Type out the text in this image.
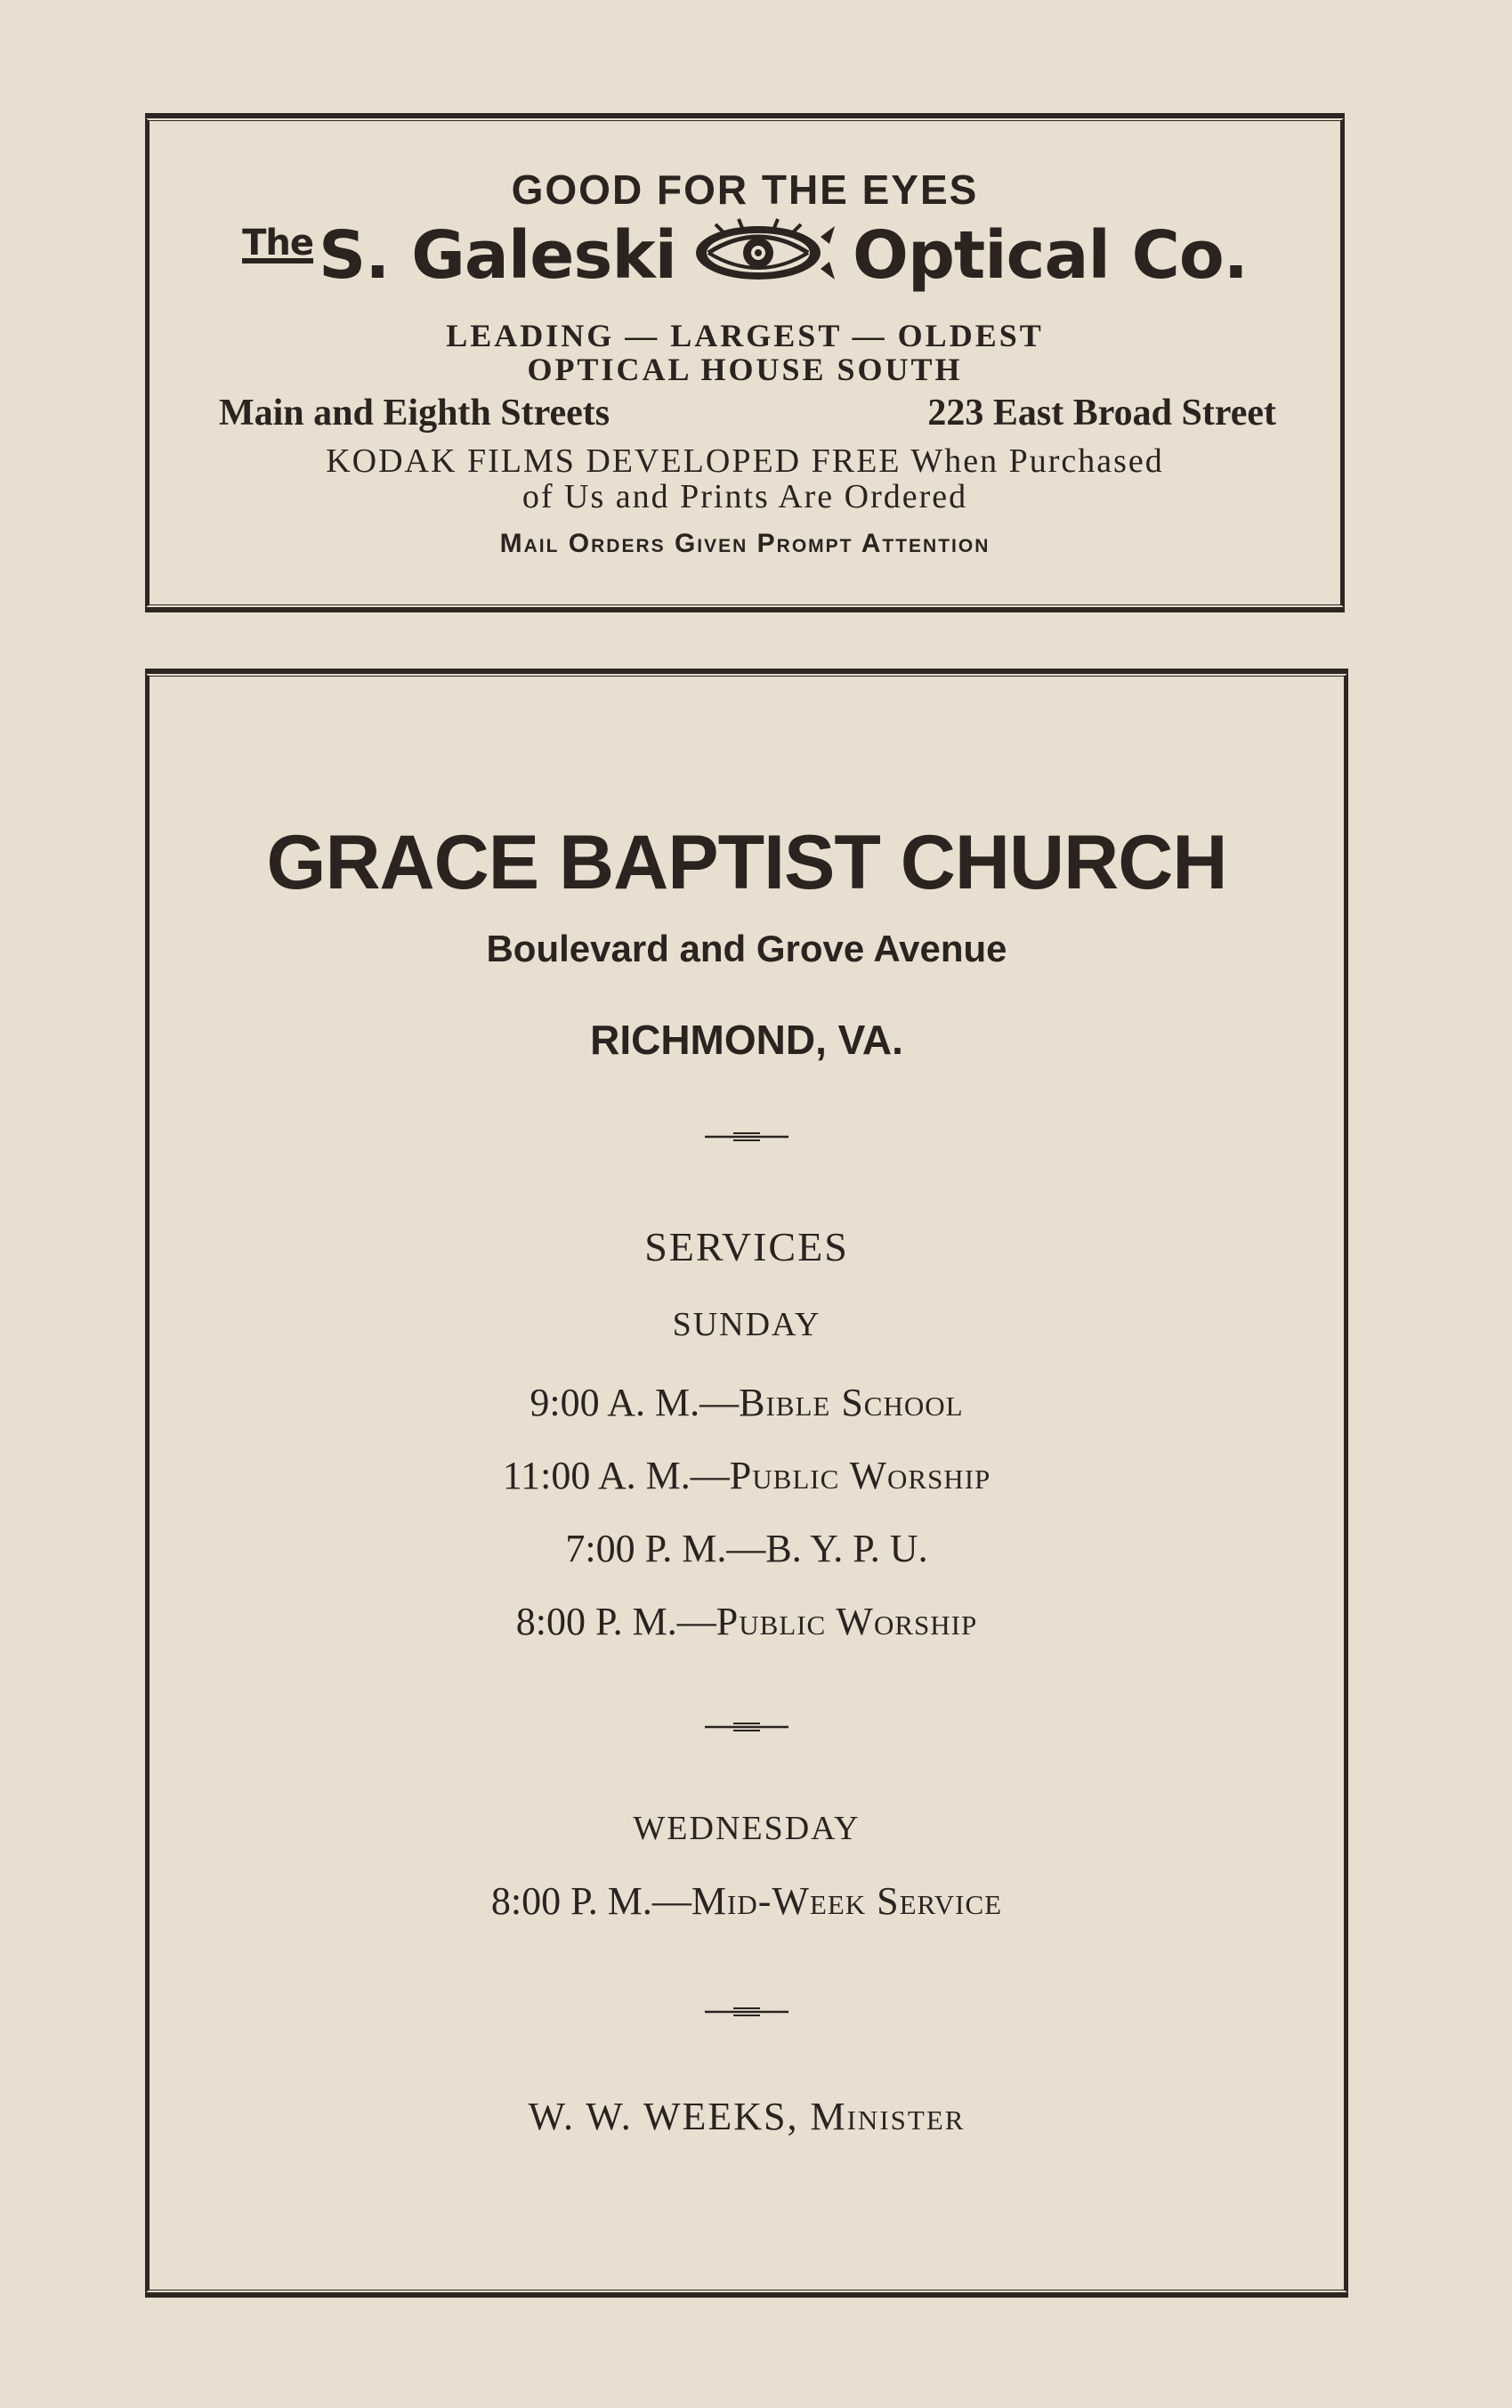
GOOD FOR THE EYES
TheS. Galeski	Optical Co.
LEADING — LARGEST — OLDEST
OPTICAL HOUSE SOUTH
Main and Eighth Streets	223 East Broad Street
KODAK FILMS DEVELOPED FREE When Purchased
of Us and Prints Are Ordered
Mail Orders Given Prompt Attention
GRACE BAPTIST CHURCH
Boulevard and Grove Avenue
RICHMOND, VA.
SERVICES
SUNDAY
9:00 A. M.—Bible School
11:00 A. M.—Public Worship
7:00 P. M.—B. Y. P. U.
8:00 P. M.—Public Worship
WEDNESDAY
8:00 P. M.—Mid-Week Service
W. W. WEEKS, Minister
